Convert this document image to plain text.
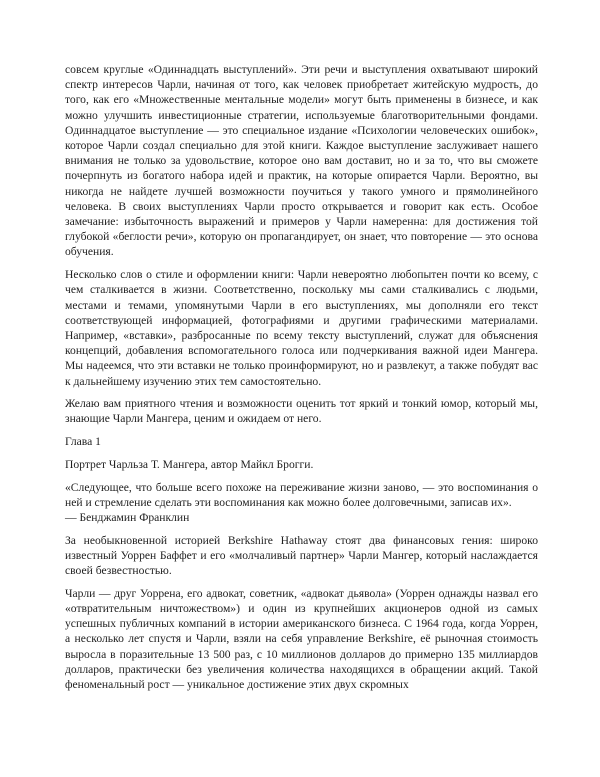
совсем круглые «Одиннадцать выступлений». Эти речи и выступления охватывают широкий спектр интересов Чарли, начиная от того, как человек приобретает житейскую мудрость, до того, как его «Множественные ментальные модели» могут быть применены в бизнесе, и как можно улучшить инвестиционные стратегии, используемые благотворительными фондами. Одиннадцатое выступление — это специальное издание «Психологии человеческих ошибок», которое Чарли создал специально для этой книги. Каждое выступление заслуживает нашего внимания не только за удовольствие, которое оно вам доставит, но и за то, что вы сможете почерпнуть из богатого набора идей и практик, на которые опирается Чарли. Вероятно, вы никогда не найдете лучшей возможности поучиться у такого умного и прямолинейного человека. В своих выступлениях Чарли просто открывается и говорит как есть. Особое замечание: избыточность выражений и примеров у Чарли намеренна: для достижения той глубокой «беглости речи», которую он пропагандирует, он знает, что повторение — это основа обучения.

Несколько слов о стиле и оформлении книги: Чарли невероятно любопытен почти ко всему, с чем сталкивается в жизни. Соответственно, поскольку мы сами сталкивались с людьми, местами и темами, упомянутыми Чарли в его выступлениях, мы дополняли его текст соответствующей информацией, фотографиями и другими графическими материалами. Например, «вставки», разбросанные по всему тексту выступлений, служат для объяснения концепций, добавления вспомогательного голоса или подчеркивания важной идеи Мангера. Мы надеемся, что эти вставки не только проинформируют, но и развлекут, а также побудят вас к дальнейшему изучению этих тем самостоятельно.

Желаю вам приятного чтения и возможности оценить тот яркий и тонкий юмор, который мы, знающие Чарли Мангера, ценим и ожидаем от него.

Глава 1
Портрет Чарльза Т. Мангера, автор Майкл Брогги.

«Следующее, что больше всего похоже на переживание жизни заново, — это воспоминания о ней и стремление сделать эти воспоминания как можно более долговечными, записав их».

— Бенджамин Франклин

За необыкновенной историей Berkshire Hathaway стоят два финансовых гения: широко известный Уоррен Баффет и его «молчаливый партнер» Чарли Мангер, который наслаждается своей безвестностью.

Чарли — друг Уоррена, его адвокат, советник, «адвокат дьявола» (Уоррен однажды назвал его «отвратительным ничтожеством») и один из крупнейших акционеров одной из самых успешных публичных компаний в истории американского бизнеса. С 1964 года, когда Уоррен, а несколько лет спустя и Чарли, взяли на себя управление Berkshire, её рыночная стоимость выросла в поразительные 13 500 раз, с 10 миллионов долларов до примерно 135 миллиардов долларов, практически без увеличения количества находящихся в обращении акций. Такой феноменальный рост — уникальное достижение этих двух скромных
